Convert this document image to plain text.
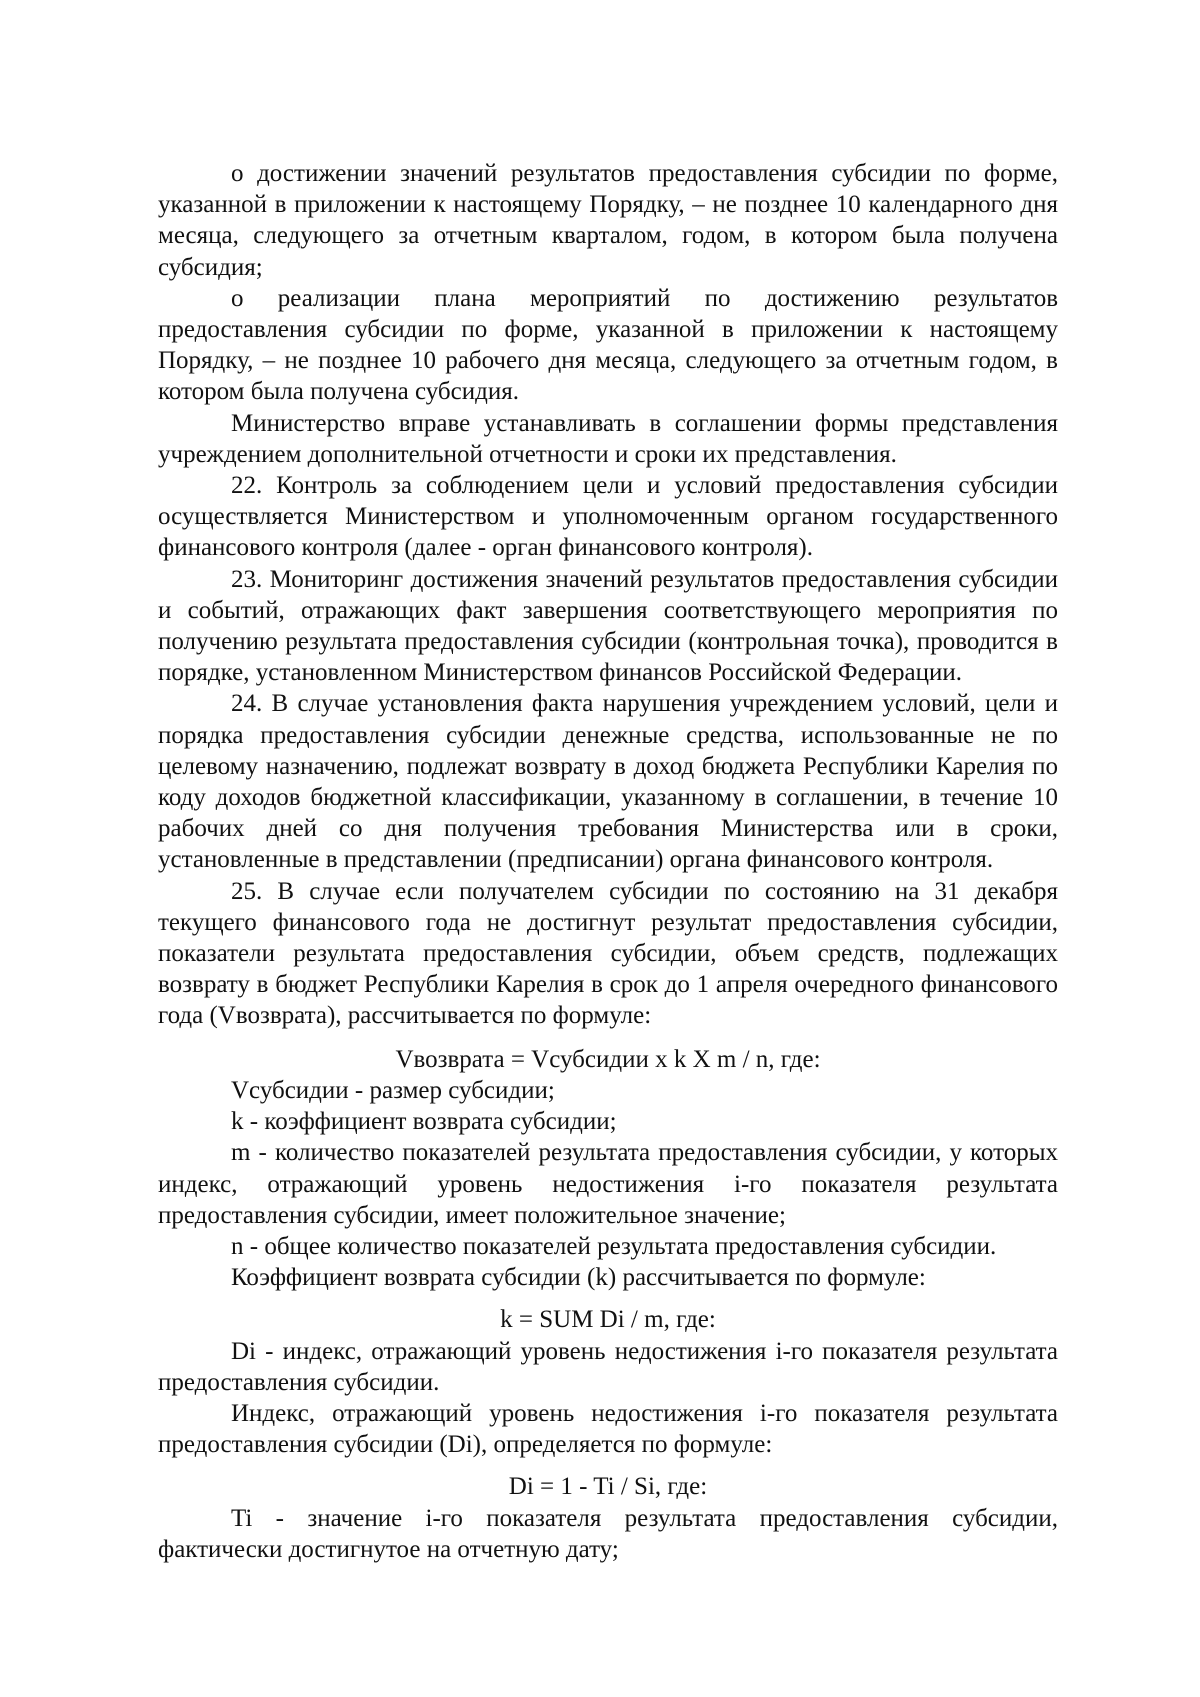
о достижении значений результатов предоставления субсидии по форме, указанной в приложении к настоящему Порядку, – не позднее 10 календарного дня месяца, следующего за отчетным кварталом, годом, в котором была получена субсидия;

о реализации плана мероприятий по достижению результатов предоставления субсидии по форме, указанной в приложении к настоящему Порядку, – не позднее 10 рабочего дня месяца, следующего за отчетным годом, в котором была получена субсидия.

Министерство вправе устанавливать в соглашении формы представления учреждением дополнительной отчетности и сроки их представления.

22. Контроль за соблюдением цели и условий предоставления субсидии осуществляется Министерством и уполномоченным органом государственного финансового контроля (далее - орган финансового контроля).

23. Мониторинг достижения значений результатов предоставления субсидии и событий, отражающих факт завершения соответствующего мероприятия по получению результата предоставления субсидии (контрольная точка), проводится в порядке, установленном Министерством финансов Российской Федерации.

24. В случае установления факта нарушения учреждением условий, цели и порядка предоставления субсидии денежные средства, использованные не по целевому назначению, подлежат возврату в доход бюджета Республики Карелия по коду доходов бюджетной классификации, указанному в соглашении, в течение 10 рабочих дней со дня получения требования Министерства или в сроки, установленные в представлении (предписании) органа финансового контроля.

25. В случае если получателем субсидии по состоянию на 31 декабря текущего финансового года не достигнут результат предоставления субсидии, показатели результата предоставления субсидии, объем средств, подлежащих возврату в бюджет Республики Карелия в срок до 1 апреля очередного финансового года (Vвозврата), рассчитывается по формуле:

Vвозврата = Vсубсидии x k X m / n, где:

Vсубсидии - размер субсидии;

k - коэффициент возврата субсидии;

m - количество показателей результата предоставления субсидии, у которых индекс, отражающий уровень недостижения i-го показателя результата предоставления субсидии, имеет положительное значение;

n - общее количество показателей результата предоставления субсидии.

Коэффициент возврата субсидии (k) рассчитывается по формуле:

k = SUM Di / m, где:

Di - индекс, отражающий уровень недостижения i-го показателя результата предоставления субсидии.

Индекс, отражающий уровень недостижения i-го показателя результата предоставления субсидии (Di), определяется по формуле:

Di = 1 - Ti / Si, где:

Ti - значение i-го показателя результата предоставления субсидии, фактически достигнутое на отчетную дату;
